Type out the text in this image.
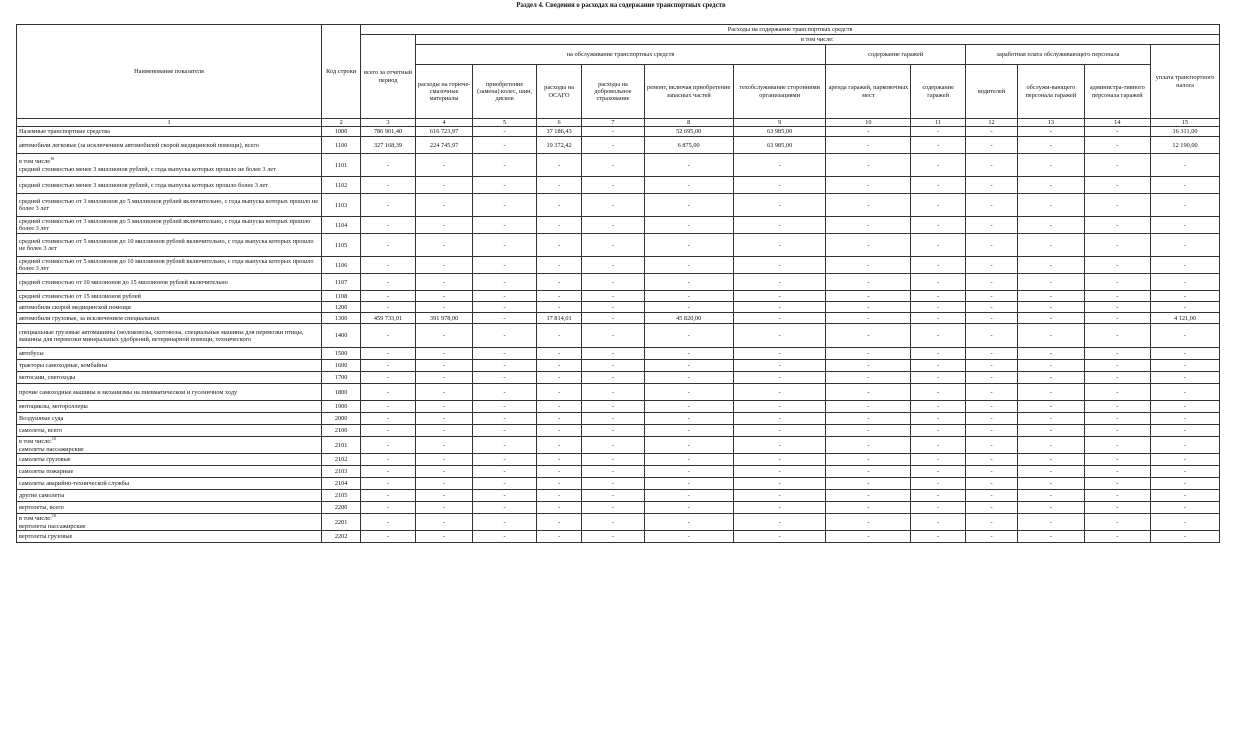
Раздел 4. Сведения о расходах на содержание транспортных средств
Наименование показателя	Код строки	Расходы на содержание транспортных средств												
		всего за отчетный период	в том числе:											
			на обслуживание транспортных средств						содержание гаражей		заработная плата обслуживающего персонала			уплата транспортного налога
			расходы на горюче-смазочные материалы	приобретение (замена) колес, шин, дисков	расходы на ОСАГО	расходы на добровольное страхование	ремонт, включая приобретение запасных частей	техобслуживание сторонними организациями	аренда гаражей, парковочных мест	содержание гаражей	водителей	обслужи-вающего персонала гаражей	администра-тивного персонала гаражей	
1	2	3	4	5	6	7	8	9	10	11	12	13	14	15
Наземные транспортные средства	1000	786 901,40	616 723,97	-	37 186,43	-	52 695,00	63 985,00	-	-	-	-	-	16 311,00
автомобили легковые (за исключением автомобилей скорой медицинской помощи), всего	1100	327 168,39	224 745,97	-	19 372,42	-	6 875,00	63 985,00	-	-	-	-	-	12 190,00
в том числе$^{10}$
средней стоимостью менее 3 миллионов рублей, с года выпуска которых прошло не более 3 лет	1101	-	-	-	-	-	-	-	-	-	-	-	-	-
средней стоимостью менее 3 миллионов рублей, с года выпуска которых прошло более 3 лет	1102	-	-	-	-	-	-	-	-	-	-	-	-	-
средней стоимостью от 3 миллионов до 5 миллионов рублей включительно, с года выпуска которых прошло не более 3 лет	1103	-	-	-	-	-	-	-	-	-	-	-	-	-
средней стоимостью от 3 миллионов до 5 миллионов рублей включительно, с года выпуска которых прошло более 3 лет	1104	-	-	-	-	-	-	-	-	-	-	-	-	-
средней стоимостью от 5 миллионов до 10 миллионов рублей включительно, с года выпуска которых прошло не более 3 лет	1105	-	-	-	-	-	-	-	-	-	-	-	-	-
средней стоимостью от 5 миллионов до 10 миллионов рублей включительно, с года выпуска которых прошло более 3 лет	1106	-	-	-	-	-	-	-	-	-	-	-	-	-
средней стоимостью от 10 миллионов до 15 миллионов рублей включительно	1107	-	-	-	-	-	-	-	-	-	-	-	-	-
средней стоимостью от 15 миллионов рублей	1108	-	-	-	-	-	-	-	-	-	-	-	-	-
автомобили скорой медицинской помощи	1200	-	-	-	-	-	-	-	-	-	-	-	-	-
автомобили грузовые, за исключением специальных	1300	459 733,01	391 978,00	-	17 814,01	-	45 820,00	-	-	-	-	-	-	4 121,00
специальные грузовые автомашины (молоковозы, скотовозы, специальные машины для перевозки птицы, машины для перевозки минеральных удобрений, ветеринарной помощи, технического	1400	-	-	-	-	-	-	-	-	-	-	-	-	-
автобусы	1500	-	-	-	-	-	-	-	-	-	-	-	-	-
тракторы самоходные, комбайны	1600	-	-	-	-	-	-	-	-	-	-	-	-	-
мотосани, снегоходы	1700	-	-	-	-	-	-	-	-	-	-	-	-	-
прочие самоходные машины и механизмы на пневматическом и гусеничном ходу	1800	-	-	-	-	-	-	-	-	-	-	-	-	-
мотоциклы, мотороллеры	1900	-	-	-	-	-	-	-	-	-	-	-	-	-
Воздушные суда	2000	-	-	-	-	-	-	-	-	-	-	-	-	-
самолеты, всего	2100	-	-	-	-	-	-	-	-	-	-	-	-	-
в том числе:$^{10}$
самолеты пассажирские	2101	-	-	-	-	-	-	-	-	-	-	-	-	-
самолеты грузовые	2102	-	-	-	-	-	-	-	-	-	-	-	-	-
самолеты пожарные	2103	-	-	-	-	-	-	-	-	-	-	-	-	-
самолеты аварийно-технической службы	2104	-	-	-	-	-	-	-	-	-	-	-	-	-
другие самолеты	2105	-	-	-	-	-	-	-	-	-	-	-	-	-
вертолеты, всего	2200	-	-	-	-	-	-	-	-	-	-	-	-	-
в том числе:$^{10}$
вертолеты пассажирские	2201	-	-	-	-	-	-	-	-	-	-	-	-	-
вертолеты грузовые	2202	-	-	-	-	-	-	-	-	-	-	-	-	-
